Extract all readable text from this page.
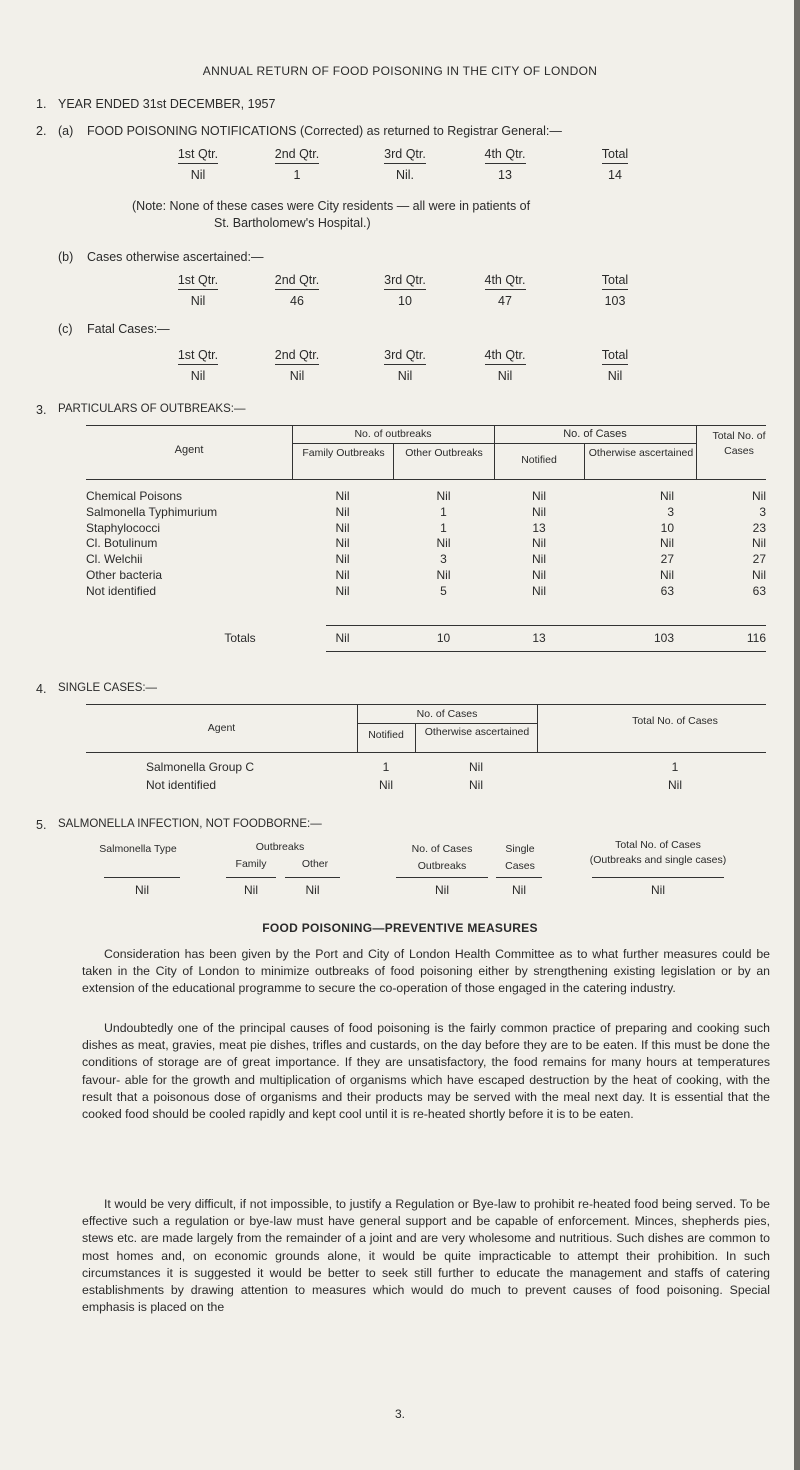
ANNUAL RETURN OF FOOD POISONING IN THE CITY OF LONDON
1. YEAR ENDED 31st DECEMBER, 1957
2. (a) FOOD POISONING NOTIFICATIONS (Corrected) as returned to Registrar General:—
1st Qtr.	2nd Qtr.	3rd Qtr.	4th Qtr.	Total
Nil	1	Nil.	13	14
(Note: None of these cases were City residents — all were in patients of
St. Bartholomew's Hospital.)
(b) Cases otherwise ascertained:—
1st Qtr.	2nd Qtr.	3rd Qtr.	4th Qtr.	Total
Nil	46	10	47	103
(c) Fatal Cases:—
1st Qtr.	2nd Qtr.	3rd Qtr.	4th Qtr.	Total
Nil	Nil	Nil	Nil	Nil
3. PARTICULARS OF OUTBREAKS:—
Agent
No. of outbreaks	No. of Cases	Total No. of Cases
Family Outbreaks	Other Outbreaks
Notified
Otherwise ascertained
Chemical Poisons	Nil	Nil	Nil	Nil	Nil
Salmonella Typhimurium	Nil	1	Nil	3	3
Staphylococci	Nil	1	13	10	23
Cl. Botulinum	Nil	Nil	Nil	Nil	Nil
Cl. Welchii	Nil	3	Nil	27	27
Other bacteria	Nil	Nil	Nil	Nil	Nil
Not identified	Nil	5	Nil	63	63
Totals	Nil	10	13	103	116
4. SINGLE CASES:—
Agent
No. of Cases
Notified	Otherwise ascertained
Total No. of Cases
Salmonella Group C	1	Nil	1
Not identified	Nil	Nil	Nil
5. SALMONELLA INFECTION, NOT FOODBORNE:—
Salmonella Type	Outbreaks
Family	Other
No. of Cases Outbreaks
Single Cases
Total No. of Cases (Outbreaks and single cases)
Nil	Nil	Nil	Nil	Nil	Nil
FOOD POISONING—PREVENTIVE MEASURES
Consideration has been given by the Port and City of London Health Committee as to what further measures could be taken in the City of London to minimize outbreaks of food poisoning either by strengthening existing legislation or by an extension of the educational programme to secure the co-operation of those engaged in the catering industry.
Undoubtedly one of the principal causes of food poisoning is the fairly common practice of preparing and cooking such dishes as meat, gravies, meat pie dishes, trifles and custards, on the day before they are to be eaten. If this must be done the conditions of storage are of great importance. If they are unsatisfactory, the food remains for many hours at temperatures favour- able for the growth and multiplication of organisms which have escaped destruction by the heat of cooking, with the result that a poisonous dose of organisms and their products may be served with the meal next day. It is essential that the cooked food should be cooled rapidly and kept cool until it is re-heated shortly before it is to be eaten.
It would be very difficult, if not impossible, to justify a Regulation or Bye-law to prohibit re-heated food being served. To be effective such a regulation or bye-law must have general support and be capable of enforcement. Minces, shepherds pies, stews etc. are made largely from the remainder of a joint and are very wholesome and nutritious. Such dishes are common to most homes and, on economic grounds alone, it would be quite impracticable to attempt their prohibition. In such circumstances it is suggested it would be better to seek still further to educate the management and staffs of catering establishments by drawing attention to measures which would do much to prevent causes of food poisoning. Special emphasis is placed on the
3.
